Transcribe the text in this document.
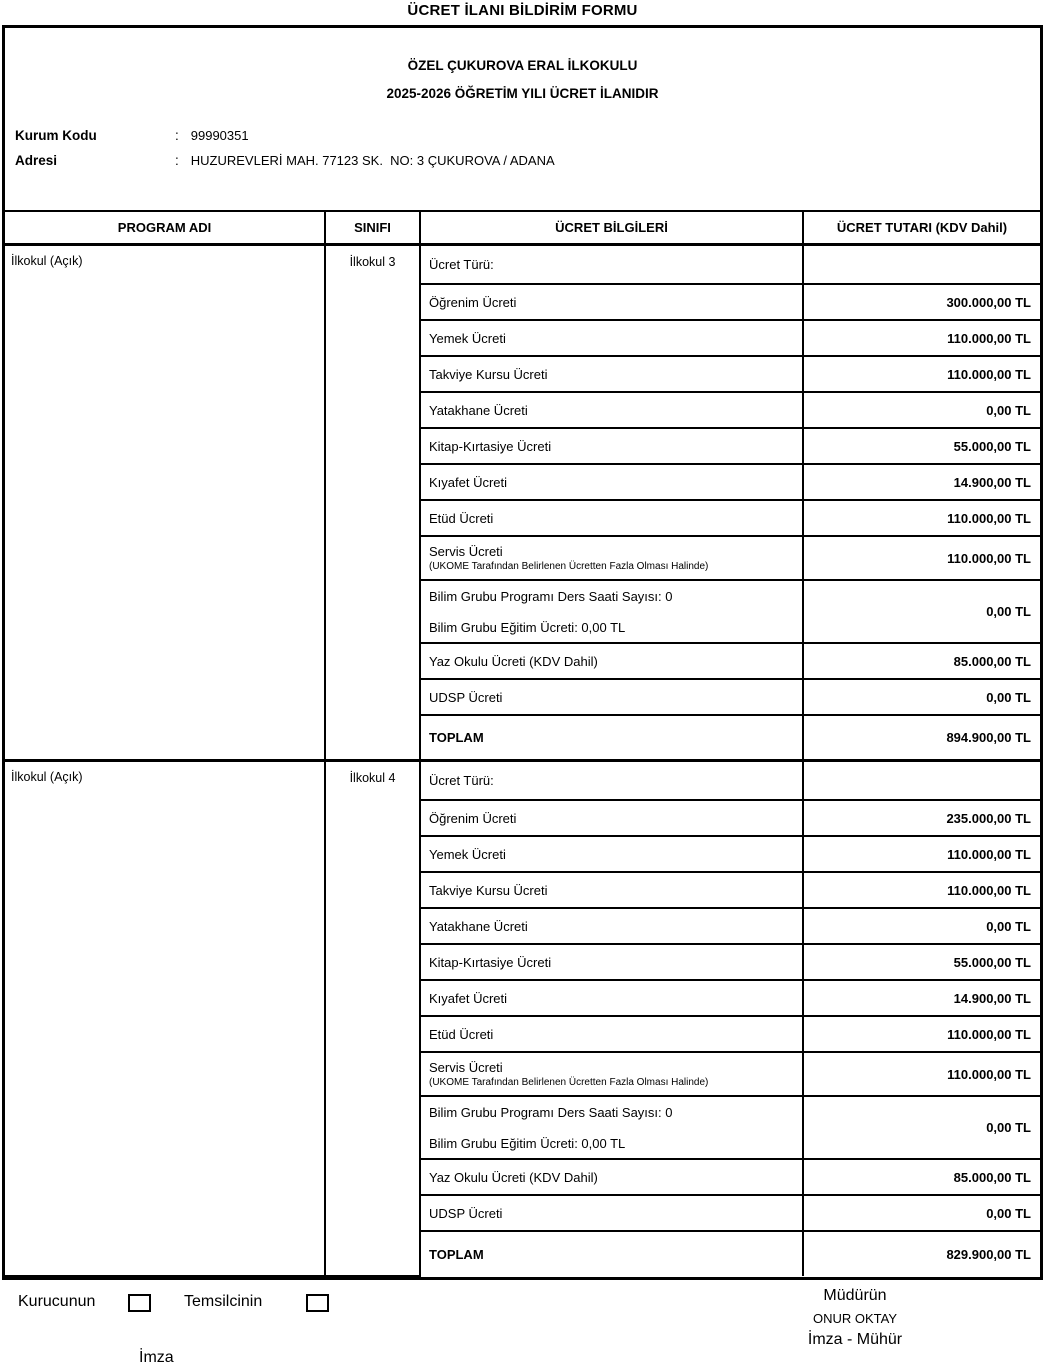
ÜCRET İLANI BİLDİRİM FORMU
ÖZEL ÇUKUROVA ERAL İLKOKULU
2025-2026 ÖĞRETİM YILI ÜCRET İLANIDIR
Kurum Kodu	: 99990351
Adresi	: HUZUREVLERİ MAH. 77123 SK.  NO: 3 ÇUKUROVA / ADANA
PROGRAM ADI	SINIFI	ÜCRET BİLGİLERİ	ÜCRET TUTARI (KDV Dahil)
İlkokul (Açık)	İlkokul 3	Ücret Türü:	

		Öğrenim Ücreti	300.000,00 TL

		Yemek Ücreti	110.000,00 TL

		Takviye Kursu Ücreti	110.000,00 TL

		Yatakhane Ücreti	0,00 TL

		Kitap-Kırtasiye Ücreti	55.000,00 TL

		Kıyafet Ücreti	14.900,00 TL

		Etüd Ücreti	110.000,00 TL

		Servis Ücreti
(UKOME Tarafından Belirlenen Ücretten Fazla Olması Halinde)	110.000,00 TL

		Bilim Grubu Programı Ders Saati Sayısı: 0
Bilim Grubu Eğitim Ücreti: 0,00 TL	0,00 TL

		Yaz Okulu Ücreti (KDV Dahil)	85.000,00 TL

		UDSP Ücreti	0,00 TL

		TOPLAM	894.900,00 TL
İlkokul (Açık)	İlkokul 4	Ücret Türü:	

		Öğrenim Ücreti	235.000,00 TL

		Yemek Ücreti	110.000,00 TL

		Takviye Kursu Ücreti	110.000,00 TL

		Yatakhane Ücreti	0,00 TL

		Kitap-Kırtasiye Ücreti	55.000,00 TL

		Kıyafet Ücreti	14.900,00 TL

		Etüd Ücreti	110.000,00 TL

		Servis Ücreti
(UKOME Tarafından Belirlenen Ücretten Fazla Olması Halinde)	110.000,00 TL

		Bilim Grubu Programı Ders Saati Sayısı: 0
Bilim Grubu Eğitim Ücreti: 0,00 TL	0,00 TL

		Yaz Okulu Ücreti (KDV Dahil)	85.000,00 TL

		UDSP Ücreti	0,00 TL

		TOPLAM	829.900,00 TL
Kurucunun	Temsilcinin
İmza
Müdürün
ONUR OKTAY
İmza - Mühür
